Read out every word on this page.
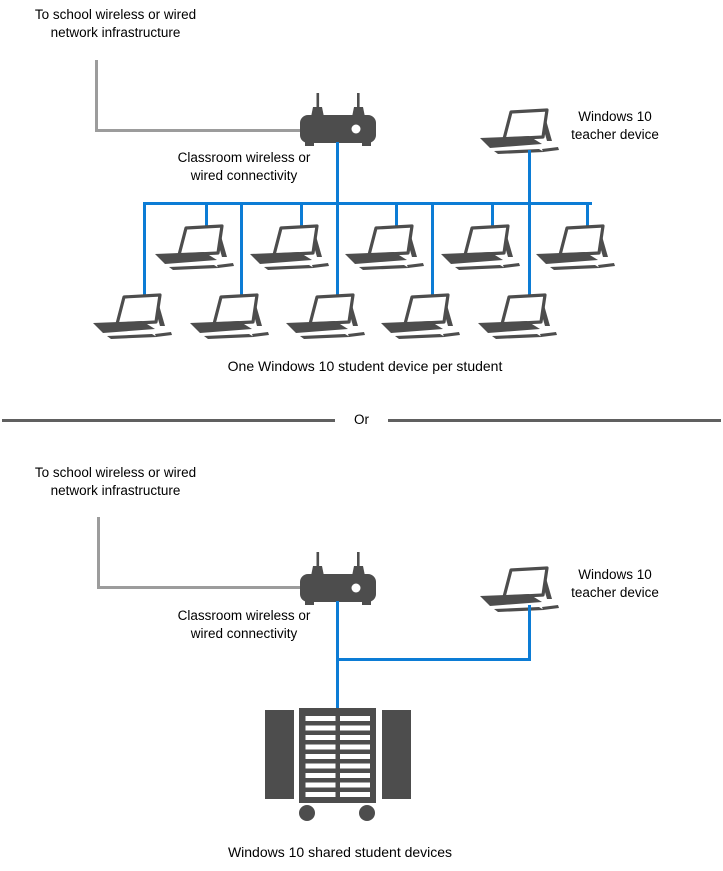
To school wireless or wired
network infrastructure
Classroom wireless or
wired connectivity
Windows 10
teacher device
One Windows 10 student device per student
Or
To school wireless or wired
network infrastructure
Classroom wireless or
wired connectivity
Windows 10
teacher device
Windows 10 shared student devices
